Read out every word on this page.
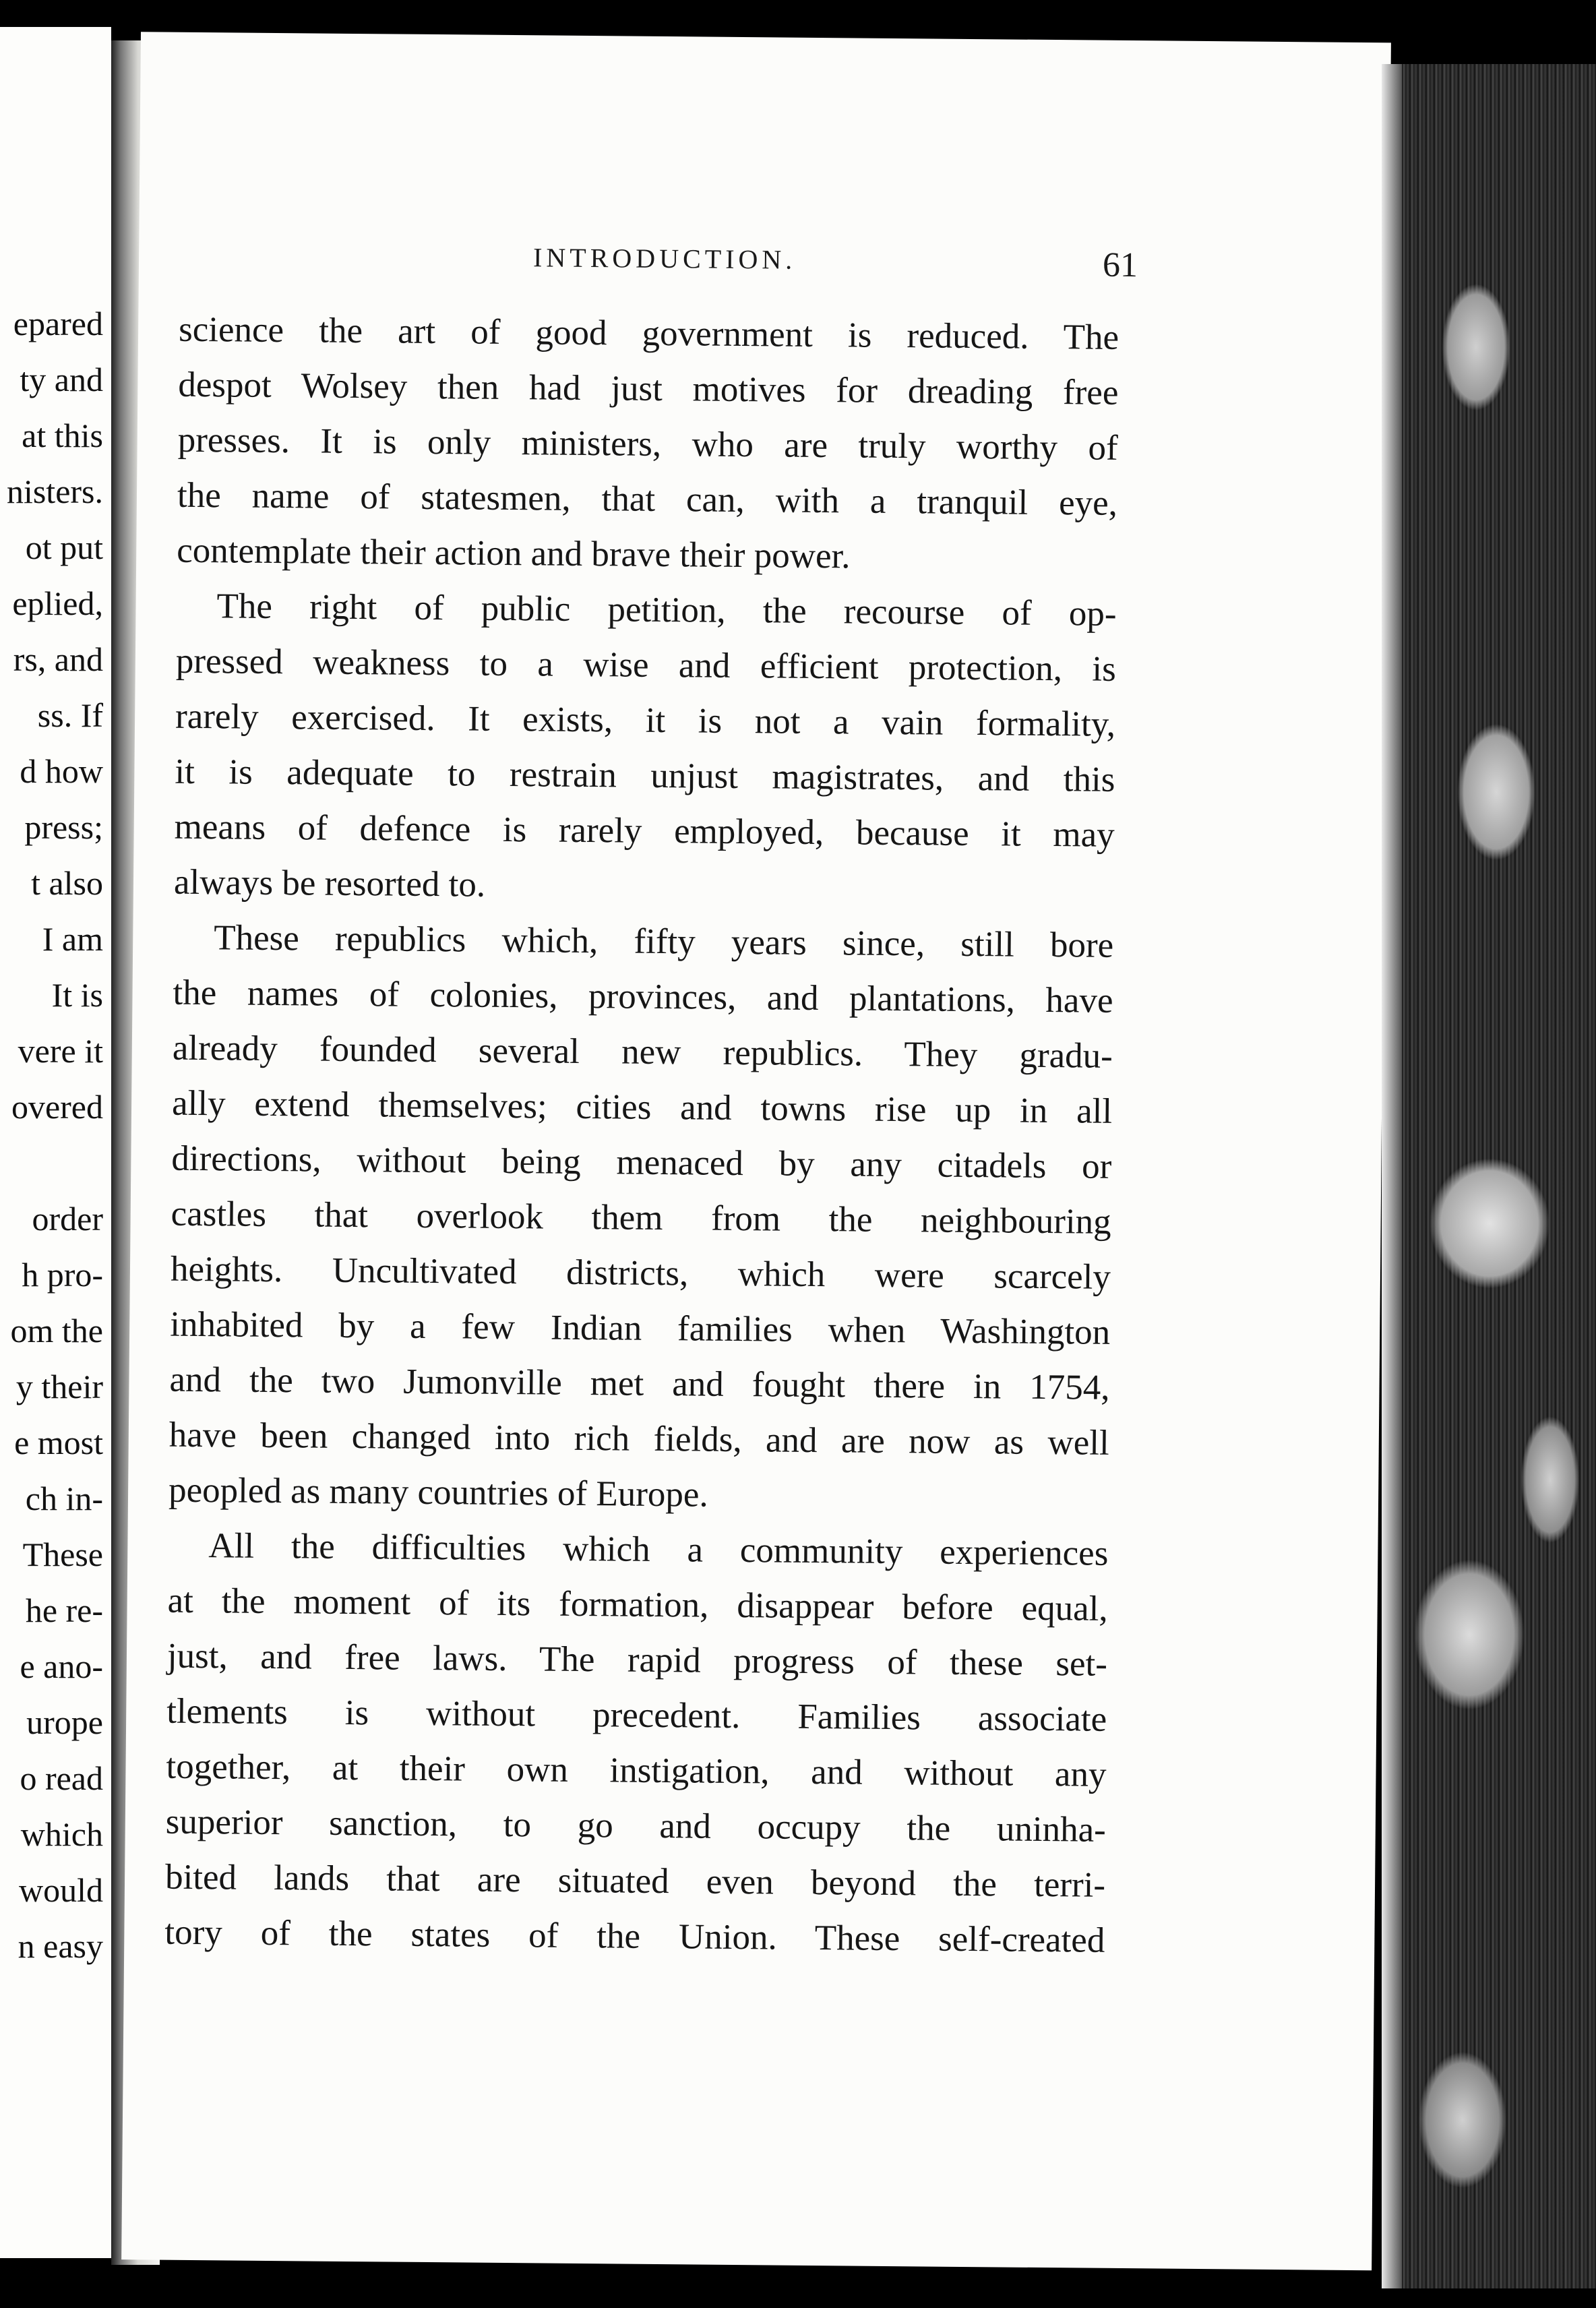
epared
ty and
at this
nisters.
ot put
eplied,
rs, and
ss. If
d how
press;
t also
I am
It is
vere it
overed
order
h pro-
om the
y their
e most
ch in-
These
he re-
e ano-
urope
o read
which
would
n easy
INTRODUCTION.	61
science the art of good government is reduced. The
despot Wolsey then had just motives for dreading free
presses. It is only ministers, who are truly worthy of
the name of statesmen, that can, with a tranquil eye,
contemplate their action and brave their power.
The right of public petition, the recourse of op-
pressed weakness to a wise and efficient protection, is
rarely exercised. It exists, it is not a vain formality,
it is adequate to restrain unjust magistrates, and this
means of defence is rarely employed, because it may
always be resorted to.
These republics which, fifty years since, still bore
the names of colonies, provinces, and plantations, have
already founded several new republics. They gradu-
ally extend themselves; cities and towns rise up in all
directions, without being menaced by any citadels or
castles that overlook them from the neighbouring
heights. Uncultivated districts, which were scarcely
inhabited by a few Indian families when Washington
and the two Jumonville met and fought there in 1754,
have been changed into rich fields, and are now as well
peopled as many countries of Europe.
All the difficulties which a community experiences
at the moment of its formation, disappear before equal,
just, and free laws. The rapid progress of these set-
tlements is without precedent. Families associate
together, at their own instigation, and without any
superior sanction, to go and occupy the uninha-
bited lands that are situated even beyond the terri-
tory of the states of the Union. These self-created
